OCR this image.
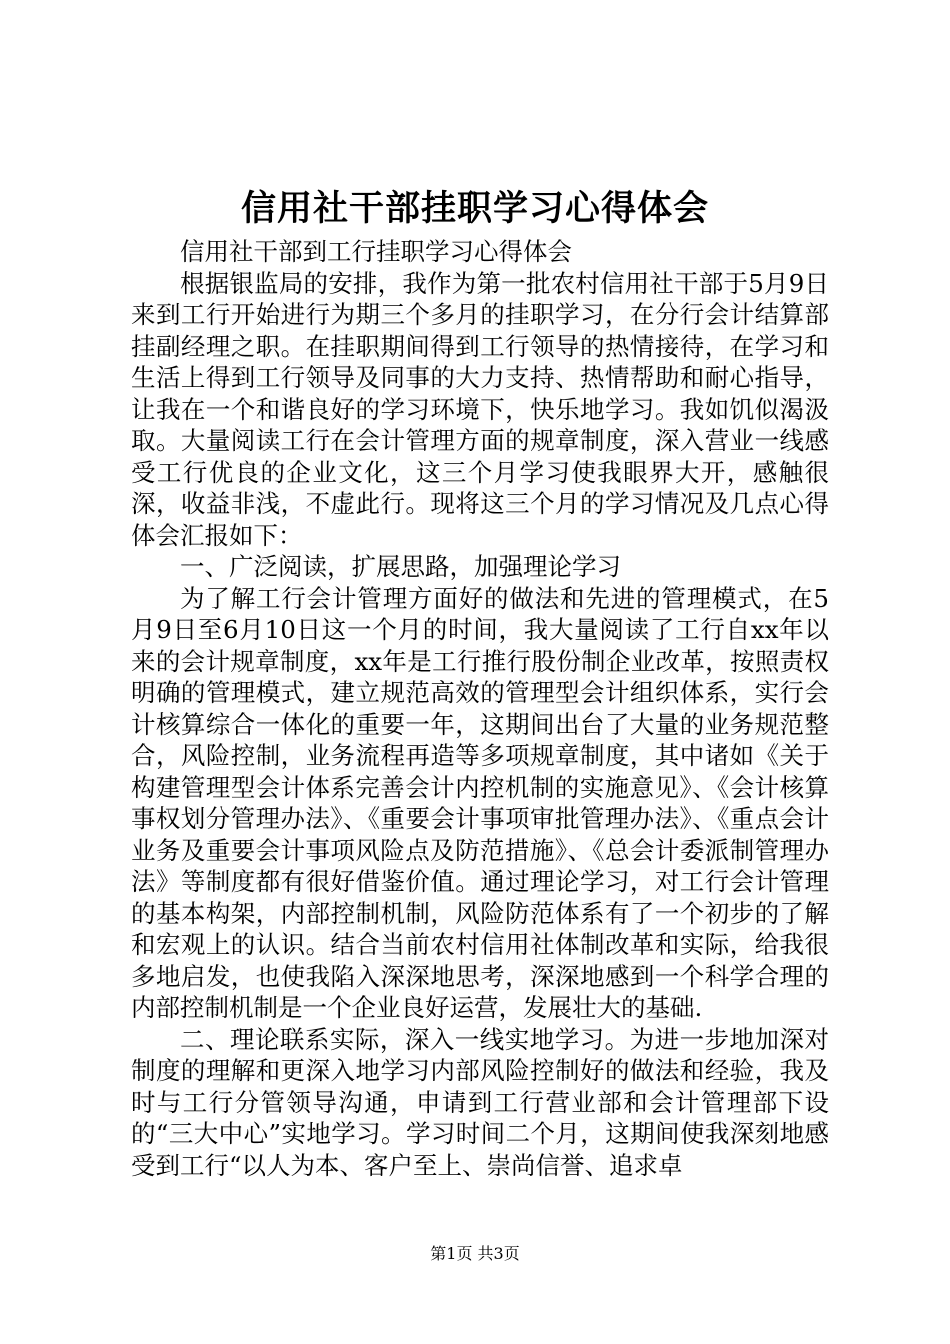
信用社干部挂职学习心得体会

信用社干部到工行挂职学习心得体会

根据银监局的安排，我作为第一批农村信用社干部于5月9日来到工行开始进行为期三个多月的挂职学习，在分行会计结算部挂副经理之职。在挂职期间得到工行领导的热情接待，在学习和生活上得到工行领导及同事的大力支持、热情帮助和耐心指导，让我在一个和谐良好的学习环境下，快乐地学习。我如饥似渴汲取。大量阅读工行在会计管理方面的规章制度，深入营业一线感受工行优良的企业文化，这三个月学习使我眼界大开，感触很深，收益非浅，不虚此行。现将这三个月的学习情况及几点心得体会汇报如下：

一、广泛阅读，扩展思路，加强理论学习

为了解工行会计管理方面好的做法和先进的管理模式，在5月9日至6月10日这一个月的时间，我大量阅读了工行自xx年以来的会计规章制度，xx年是工行推行股份制企业改革，按照责权明确的管理模式，建立规范高效的管理型会计组织体系，实行会计核算综合一体化的重要一年，这期间出台了大量的业务规范整合，风险控制，业务流程再造等多项规章制度，其中诸如《关于构建管理型会计体系完善会计内控机制的实施意见》、《会计核算事权划分管理办法》、《重要会计事项审批管理办法》、《重点会计业务及重要会计事项风险点及防范措施》、《总会计委派制管理办法》等制度都有很好借鉴价值。通过理论学习，对工行会计管理的基本构架，内部控制机制，风险防范体系有了一个初步的了解和宏观上的认识。结合当前农村信用社体制改革和实际，给我很多地启发，也使我陷入深深地思考，深深地感到一个科学合理的内部控制机制是一个企业良好运营，发展壮大的基础.

二、理论联系实际，深入一线实地学习。为进一步地加深对制度的理解和更深入地学习内部风险控制好的做法和经验，我及时与工行分管领导沟通，申请到工行营业部和会计管理部下设的“三大中心”实地学习。学习时间二个月，这期间使我深刻地感受到工行“以人为本、客户至上、崇尚信誉、追求卓

第1页 共3页
